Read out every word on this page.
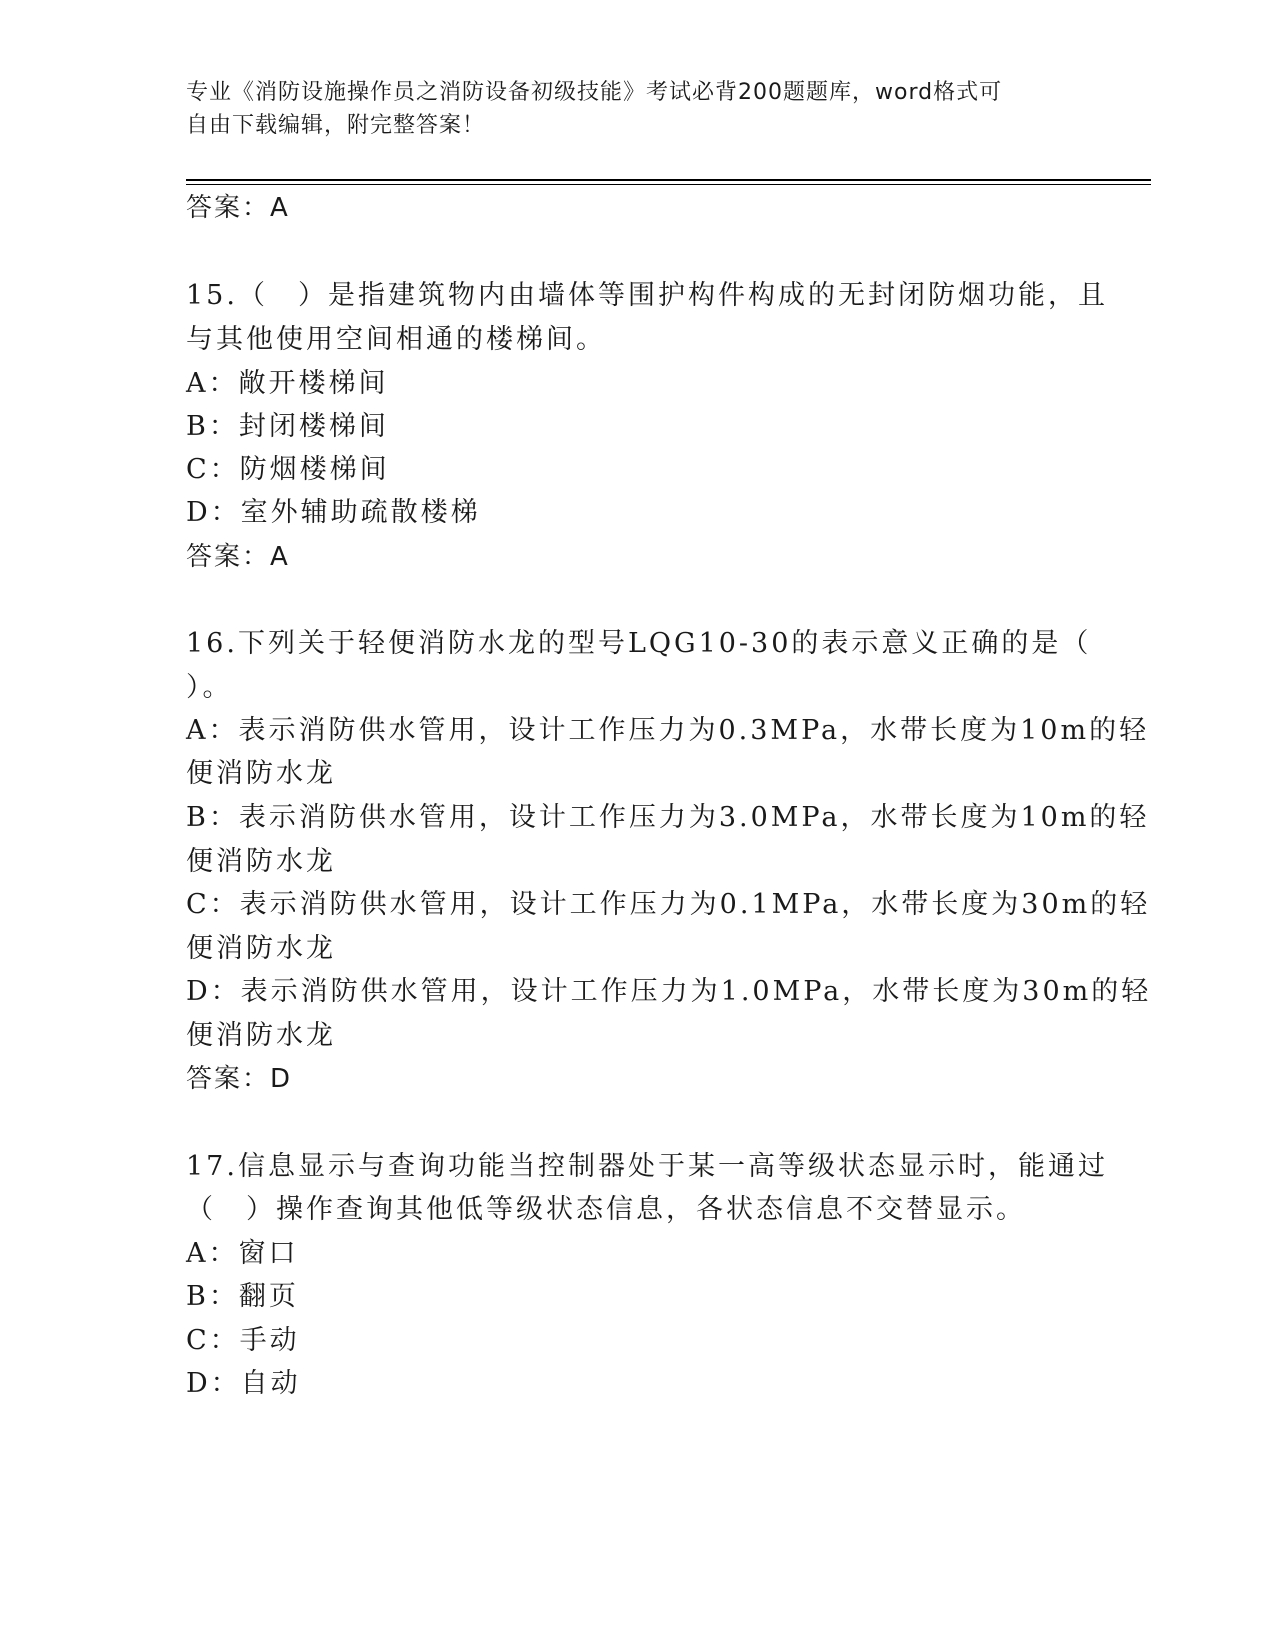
专业《消防设施操作员之消防设备初级技能》考试必背200题题库，word格式可
自由下载编辑，附完整答案！
答案：A
15.（　）是指建筑物内由墙体等围护构件构成的无封闭防烟功能，且
与其他使用空间相通的楼梯间。
A：敞开楼梯间
B：封闭楼梯间
C：防烟楼梯间
D：室外辅助疏散楼梯
答案：A
16.下列关于轻便消防水龙的型号LQG10-30的表示意义正确的是（
）。
A：表示消防供水管用，设计工作压力为0.3MPa，水带长度为10m的轻
便消防水龙
B：表示消防供水管用，设计工作压力为3.0MPa，水带长度为10m的轻
便消防水龙
C：表示消防供水管用，设计工作压力为0.1MPa，水带长度为30m的轻
便消防水龙
D：表示消防供水管用，设计工作压力为1.0MPa，水带长度为30m的轻
便消防水龙
答案：D
17.信息显示与查询功能当控制器处于某一高等级状态显示时，能通过
（　）操作查询其他低等级状态信息，各状态信息不交替显示。
A：窗口
B：翻页
C：手动
D：自动
